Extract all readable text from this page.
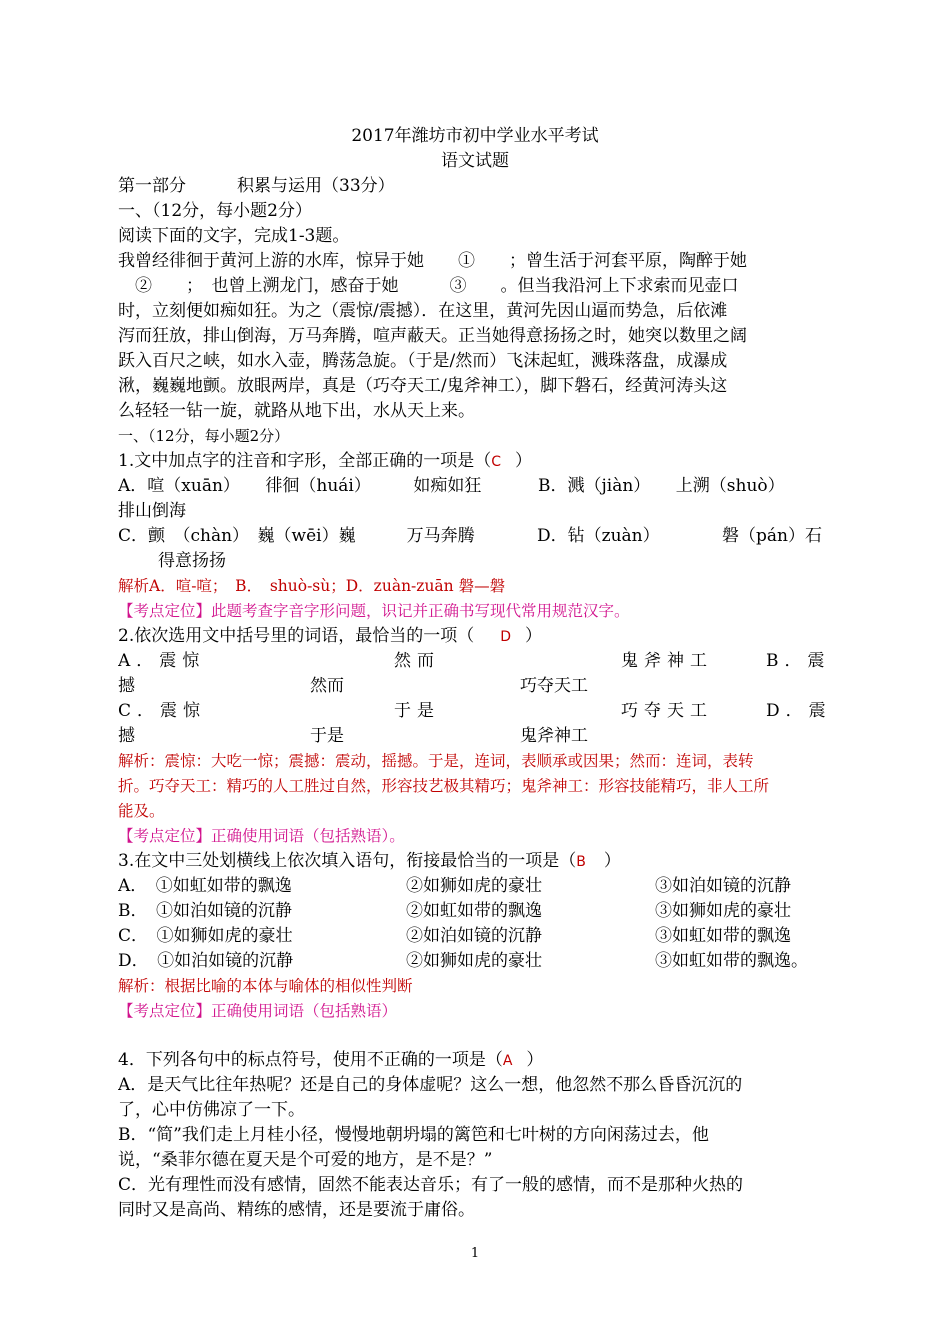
2017年潍坊市初中学业水平考试
语文试题
第一部分　　　积累与运用（33分）
一、（12分，每小题2分）
阅读下面的文字，完成1-3题。
我曾经徘徊于黄河上游的水库，惊异于她　　①　　；曾生活于河套平原，陶醉于她
　②　　；　也曾上溯龙门，感奋于她　　　③　　。但当我沿河上下求索而见壶口
时，立刻便如痴如狂。为之（震惊/震撼）．在这里，黄河先因山逼而势急，后依滩
泻而狂放，排山倒海，万马奔腾，喧声蔽天。正当她得意扬扬之时，她突以数里之阔
跃入百尺之峡，如水入壶，腾荡急旋。（于是/然而）飞沫起虹，溅珠落盘，成瀑成
湫，巍巍地颤。放眼两岸，真是（巧夺天工/鬼斧神工），脚下磐石，经黄河涛头这
么轻轻一钻一旋，就路从地下出，水从天上来。
一、（12分，每小题2分）
1.文中加点字的注音和字形，全部正确的一项是（C ）
A．喧（xuān）　　徘徊（huái）　　　如痴如狂	B．溅（jiàn）　　上溯（shuò）
排山倒海
C．颤　（chàn）　巍（wēi）巍　　　万马奔腾	D．钻（zuàn）	磐（pán）石
得意扬扬
解析A．喧-喧；　B．　shuò-sù；D．zuàn-zuān 磐—磐
【考点定位】此题考查字音字形问题，识记并正确书写现代常用规范汉字。
2.依次选用文中括号里的词语，最恰当的一项（ D ）
A．震惊	然而	鬼斧神工	B．震
撼	然而	巧夺天工
C．震惊	于是	巧夺天工	D．震
撼	于是	鬼斧神工
解析：震惊：大吃一惊；震撼：震动，摇撼。于是，连词，表顺承或因果；然而：连词，表转
折。巧夺天工：精巧的人工胜过自然，形容技艺极其精巧；鬼斧神工：形容技能精巧，非人工所
能及。
【考点定位】正确使用词语（包括熟语）。
3.在文中三处划横线上依次填入语句，衔接最恰当的一项是（B ）
A．　①如虹如带的飘逸	②如狮如虎的豪壮	③如泊如镜的沉静
B．　①如泊如镜的沉静	②如虹如带的飘逸	③如狮如虎的豪壮
C．　①如狮如虎的豪壮	②如泊如镜的沉静	③如虹如带的飘逸
D．　①如泊如镜的沉静	②如狮如虎的豪壮	③如虹如带的飘逸。
解析：根据比喻的本体与喻体的相似性判断
【考点定位】正确使用词语（包括熟语）
4．下列各句中的标点符号，使用不正确的一项是（A ）
A．是天气比往年热呢？还是自己的身体虚呢？这么一想，他忽然不那么昏昏沉沉的
了，心中仿佛凉了一下。
B．“简”我们走上月桂小径，慢慢地朝坍塌的篱笆和七叶树的方向闲荡过去，他
说，“桑菲尔德在夏天是个可爱的地方，是不是？”
C．光有理性而没有感情，固然不能表达音乐；有了一般的感情，而不是那种火热的
同时又是高尚、精练的感情，还是要流于庸俗。
1
